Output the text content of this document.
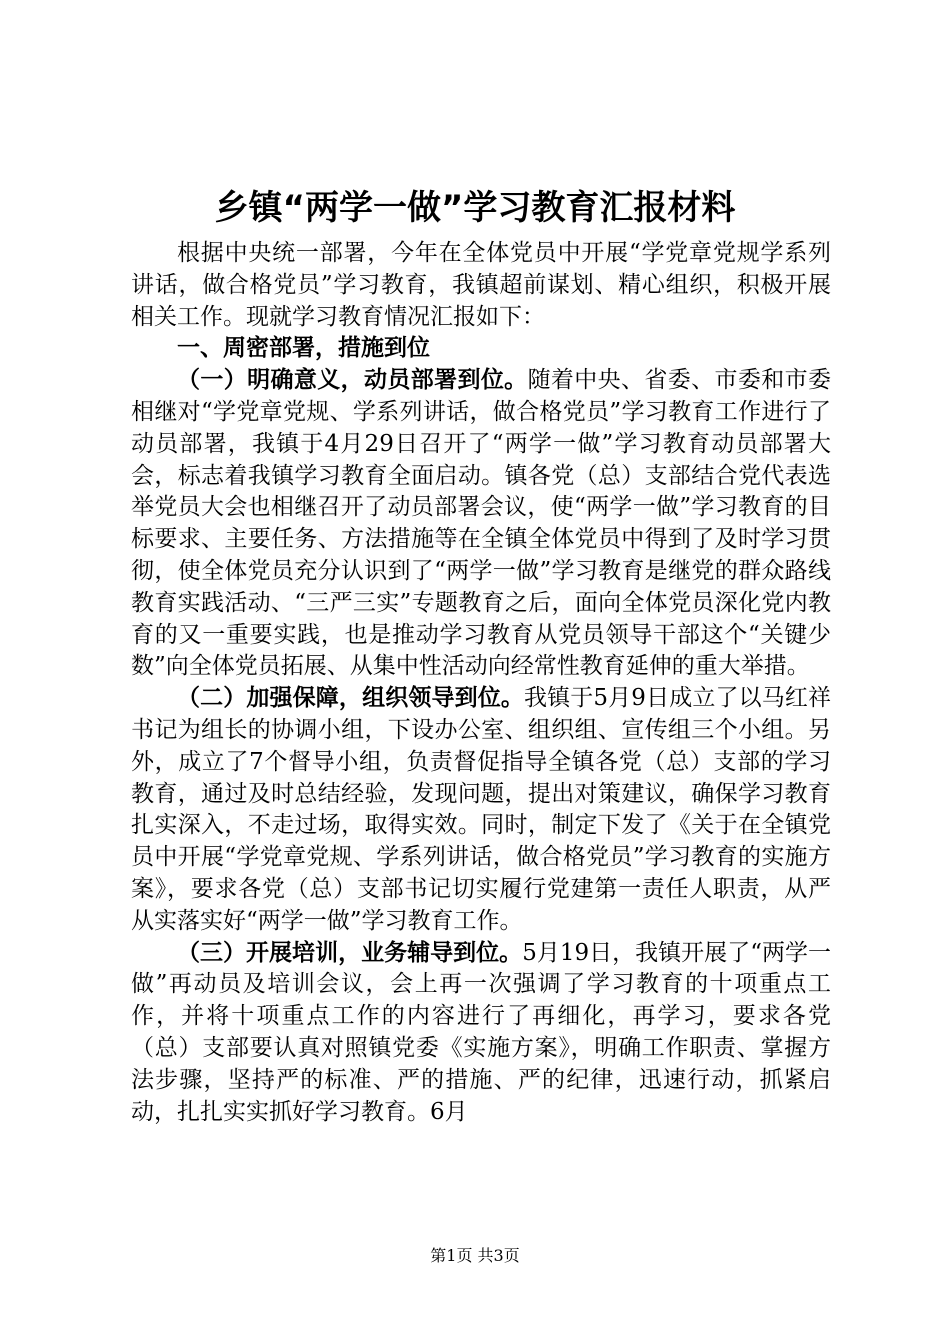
乡镇“两学一做”学习教育汇报材料

根据中央统一部署，今年在全体党员中开展“学党章党规学系列讲话，做合格党员”学习教育，我镇超前谋划、精心组织，积极开展相关工作。现就学习教育情况汇报如下：

一、周密部署，措施到位

（一）明确意义，动员部署到位。随着中央、省委、市委和市委相继对“学党章党规、学系列讲话，做合格党员”学习教育工作进行了动员部署，我镇于4月29日召开了“两学一做”学习教育动员部署大会，标志着我镇学习教育全面启动。镇各党（总）支部结合党代表选举党员大会也相继召开了动员部署会议，使“两学一做”学习教育的目标要求、主要任务、方法措施等在全镇全体党员中得到了及时学习贯彻，使全体党员充分认识到了“两学一做”学习教育是继党的群众路线教育实践活动、“三严三实”专题教育之后，面向全体党员深化党内教育的又一重要实践，也是推动学习教育从党员领导干部这个“关键少数”向全体党员拓展、从集中性活动向经常性教育延伸的重大举措。

（二）加强保障，组织领导到位。我镇于5月9日成立了以马红祥书记为组长的协调小组，下设办公室、组织组、宣传组三个小组。另外，成立了7个督导小组，负责督促指导全镇各党（总）支部的学习教育，通过及时总结经验，发现问题，提出对策建议，确保学习教育扎实深入，不走过场，取得实效。同时，制定下发了《关于在全镇党员中开展“学党章党规、学系列讲话，做合格党员”学习教育的实施方案》，要求各党（总）支部书记切实履行党建第一责任人职责，从严从实落实好“两学一做”学习教育工作。

（三）开展培训，业务辅导到位。5月19日，我镇开展了“两学一做”再动员及培训会议，会上再一次强调了学习教育的十项重点工作，并将十项重点工作的内容进行了再细化，再学习，要求各党（总）支部要认真对照镇党委《实施方案》，明确工作职责、掌握方法步骤，坚持严的标准、严的措施、严的纪律，迅速行动，抓紧启动，扎扎实实抓好学习教育。6月

第1页 共3页
